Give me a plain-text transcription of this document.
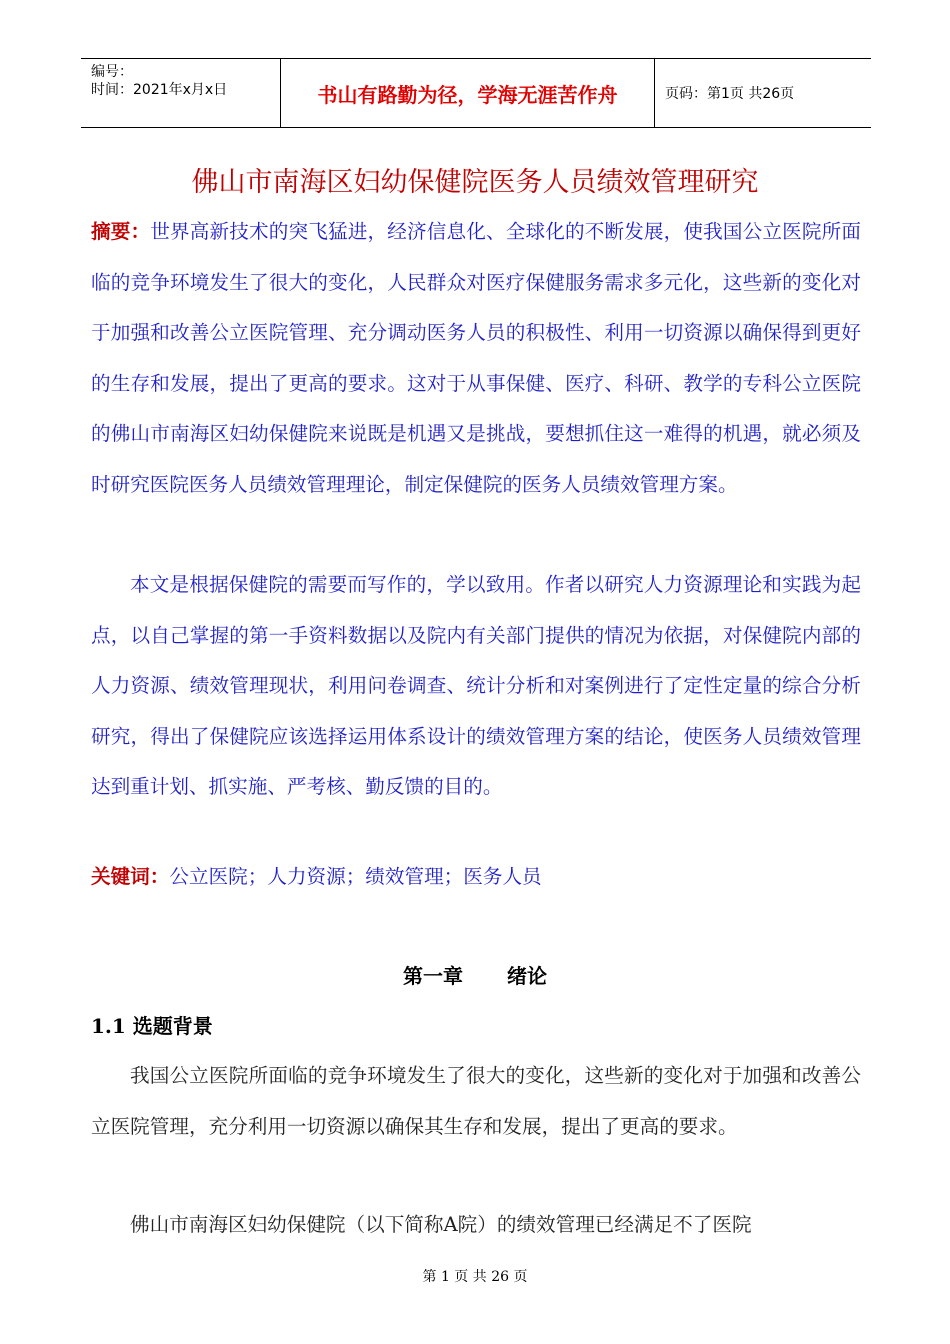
编号：
时间：2021年x月x日	书山有路勤为径，学海无涯苦作舟	页码：第1页 共26页
佛山市南海区妇幼保健院医务人员绩效管理研究

摘要：世界高新技术的突飞猛进，经济信息化、全球化的不断发展，使我国公立医院所面临的竞争环境发生了很大的变化，人民群众对医疗保健服务需求多元化，这些新的变化对于加强和改善公立医院管理、充分调动医务人员的积极性、利用一切资源以确保得到更好的生存和发展，提出了更高的要求。这对于从事保健、医疗、科研、教学的专科公立医院的佛山市南海区妇幼保健院来说既是机遇又是挑战，要想抓住这一难得的机遇，就必须及时研究医院医务人员绩效管理理论，制定保健院的医务人员绩效管理方案。

本文是根据保健院的需要而写作的，学以致用。作者以研究人力资源理论和实践为起点，以自己掌握的第一手资料数据以及院内有关部门提供的情况为依据，对保健院内部的人力资源、绩效管理现状，利用问卷调查、统计分析和对案例进行了定性定量的综合分析研究，得出了保健院应该选择运用体系设计的绩效管理方案的结论，使医务人员绩效管理达到重计划、抓实施、严考核、勤反馈的目的。

关键词：公立医院；人力资源；绩效管理；医务人员

第一章 绪论
1.1 选题背景

我国公立医院所面临的竞争环境发生了很大的变化，这些新的变化对于加强和改善公立医院管理，充分利用一切资源以确保其生存和发展，提出了更高的要求。

佛山市南海区妇幼保健院（以下简称A院）的绩效管理已经满足不了医院

第 1 页 共 26 页
